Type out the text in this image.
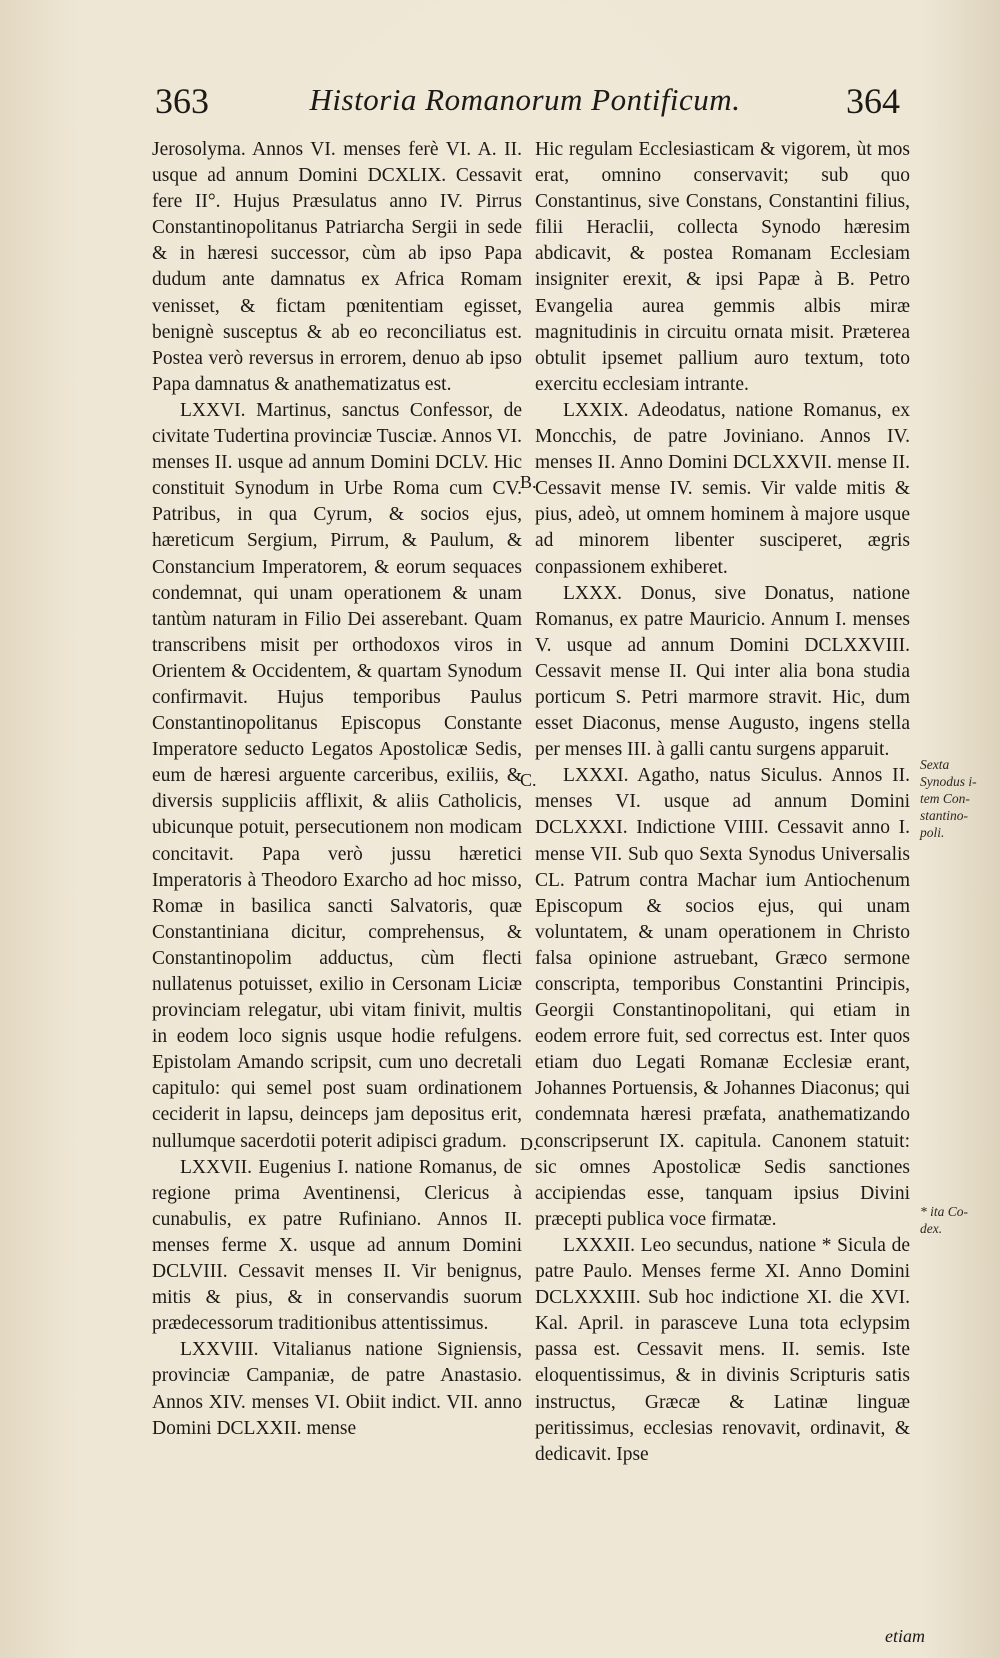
363	Historia Romanorum Pontificum.	364

Jerosolyma. Annos VI. menses ferè VI. A. II. usque ad annum Domini DCXLIX. Cessavit fere II°. Hujus Præsulatus anno IV. Pirrus Constantinopolitanus Patriarcha Sergii in sede & in hæresi successor, cùm ab ipso Papa dudum ante damnatus ex Africa Romam venisset, & fictam pœnitentiam egisset, benignè susceptus & ab eo reconciliatus est. Postea verò reversus in errorem, denuo ab ipso Papa damnatus & anathematizatus est.

LXXVI. Martinus, sanctus Confessor, de civitate Tudertina provinciæ Tusciæ. Annos VI. menses II. usque ad annum Domini DCLV. Hic constituit Synodum in Urbe Roma cum CV. Patribus, in qua Cyrum, & socios ejus, hæreticum Sergium, Pirrum, & Paulum, & Constancium Imperatorem, & eorum sequaces condemnat, qui unam operationem & unam tantùm naturam in Filio Dei asserebant. Quam transcribens misit per orthodoxos viros in Orientem & Occidentem, & quartam Synodum confirmavit. Hujus temporibus Paulus Constantinopolitanus Episcopus Constante Imperatore seducto Legatos Apostolicæ Sedis, eum de hæresi arguente carceribus, exiliis, & diversis suppliciis afflixit, & aliis Catholicis, ubicunque potuit, persecutionem non modicam concitavit. Papa verò jussu hæretici Imperatoris à Theodoro Exarcho ad hoc misso, Romæ in basilica sancti Salvatoris, quæ Constantiniana dicitur, comprehensus, & Constantinopolim adductus, cùm flecti nullatenus potuisset, exilio in Cersonam Liciæ provinciam relegatur, ubi vitam finivit, multis in eodem loco signis usque hodie refulgens. Epistolam Amando scripsit, cum uno decretali capitulo: qui semel post suam ordinationem ceciderit in lapsu, deinceps jam depositus erit, nullumque sacerdotii poterit adipisci gradum.

LXXVII. Eugenius I. natione Romanus, de regione prima Aventinensi, Clericus à cunabulis, ex patre Rufiniano. Annos II. menses ferme X. usque ad annum Domini DCLVIII. Cessavit menses II. Vir benignus, mitis & pius, & in conservandis suorum prædecessorum traditionibus attentissimus.

LXXVIII. Vitalianus natione Signiensis, provinciæ Campaniæ, de patre Anastasio. Annos XIV. menses VI. Obiit indict. VII. anno Domini DCLXXII. mense

Hic regulam Ecclesiasticam & vigorem, ùt mos erat, omnino conservavit; sub quo Constantinus, sive Constans, Constantini filius, filii Heraclii, collecta Synodo hæresim abdicavit, & postea Romanam Ecclesiam insigniter erexit, & ipsi Papæ à B. Petro Evangelia aurea gemmis albis miræ magnitudinis in circuitu ornata misit. Præterea obtulit ipsemet pallium auro textum, toto exercitu ecclesiam intrante.

LXXIX. Adeodatus, natione Romanus, ex Moncchis, de patre Joviniano. Annos IV. menses II. Anno Domini DCLXXVII. mense II. Cessavit mense IV. semis. Vir valde mitis & pius, adeò, ut omnem hominem à majore usque ad minorem libenter susciperet, ægris conpassionem exhiberet.

LXXX. Donus, sive Donatus, natione Romanus, ex patre Mauricio. Annum I. menses V. usque ad annum Domini DCLXXVIII. Cessavit mense II. Qui inter alia bona studia porticum S. Petri marmore stravit. Hic, dum esset Diaconus, mense Augusto, ingens stella per menses III. à galli cantu surgens apparuit.

LXXXI. Agatho, natus Siculus. Annos II. menses VI. usque ad annum Domini DCLXXXI. Indictione VIIII. Cessavit anno I. mense VII. Sub quo Sexta Synodus Universalis CL. Patrum contra Machar ium Antiochenum Episcopum & socios ejus, qui unam voluntatem, & unam operationem in Christo falsa opinione astruebant, Græco sermone conscripta, temporibus Constantini Principis, Georgii Constantinopolitani, qui etiam in eodem errore fuit, sed correctus est. Inter quos etiam duo Legati Romanæ Ecclesiæ erant, Johannes Portuensis, & Johannes Diaconus; qui condemnata hæresi præfata, anathematizando conscripserunt IX. capitula. Canonem statuit: sic omnes Apostolicæ Sedis sanctiones accipiendas esse, tanquam ipsius Divini præcepti publica voce firmatæ.

LXXXII. Leo secundus, natione * Sicula de patre Paulo. Menses ferme XI. Anno Domini DCLXXXIII. Sub hoc indictione XI. die XVI. Kal. April. in parasceve Luna tota eclypsim passa est. Cessavit mens. II. semis. Iste eloquentissimus, & in divinis Scripturis satis instructus, Græcæ & Latinæ linguæ peritissimus, ecclesias renovavit, ordinavit, & dedicavit. Ipse

B.
C.
D.
Sexta Synodus i- tem Con- stantino- poli.
* ita Co- dex.
etiam
